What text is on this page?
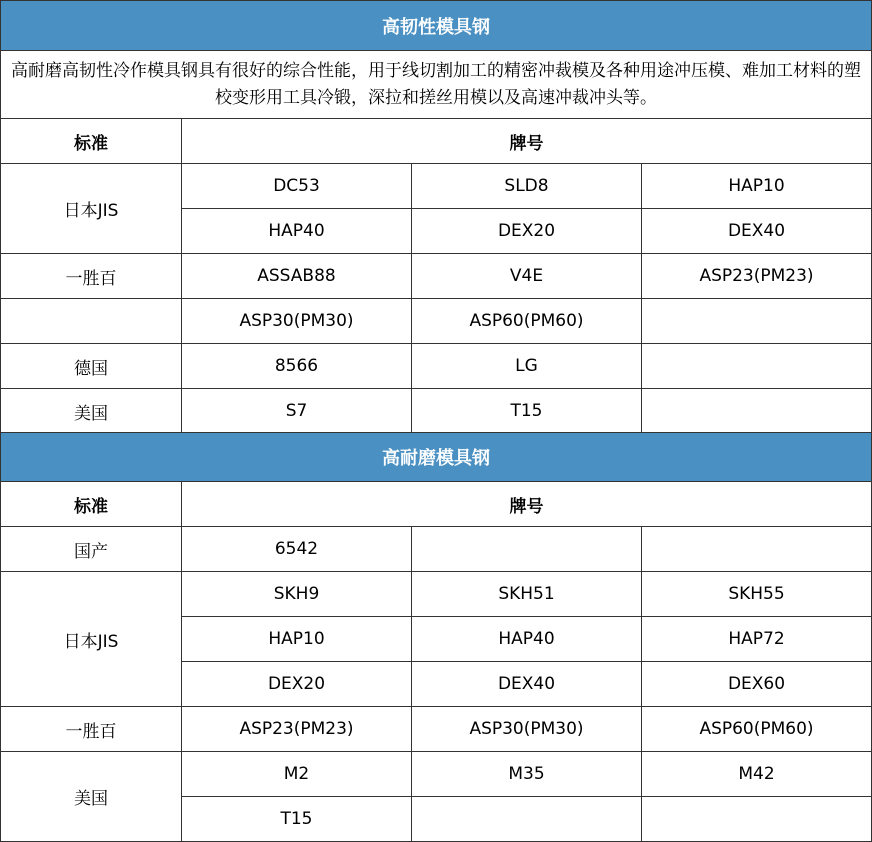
高韧性模具钢			
高耐磨高韧性冷作模具钢具有很好的综合性能，用于线切割加工的精密冲裁模及各种用途冲压模、难加工材料的塑校变形用工具冷锻，深拉和搓丝用模以及高速冲裁冲头等。			
标准	牌号		
日本JIS	DC53	SLD8	HAP10
	HAP40	DEX20	DEX40
一胜百	ASSAB88	V4E	ASP23(PM23)
	ASP30(PM30)	ASP60(PM60)	
德国	8566	LG	
美国	S7	T15	
高耐磨模具钢			
标准	牌号		
国产	6542		
日本JIS	SKH9	SKH51	SKH55
	HAP10	HAP40	HAP72
	DEX20	DEX40	DEX60
一胜百	ASP23(PM23)	ASP30(PM30)	ASP60(PM60)
美国	M2	M35	M42
	T15		
